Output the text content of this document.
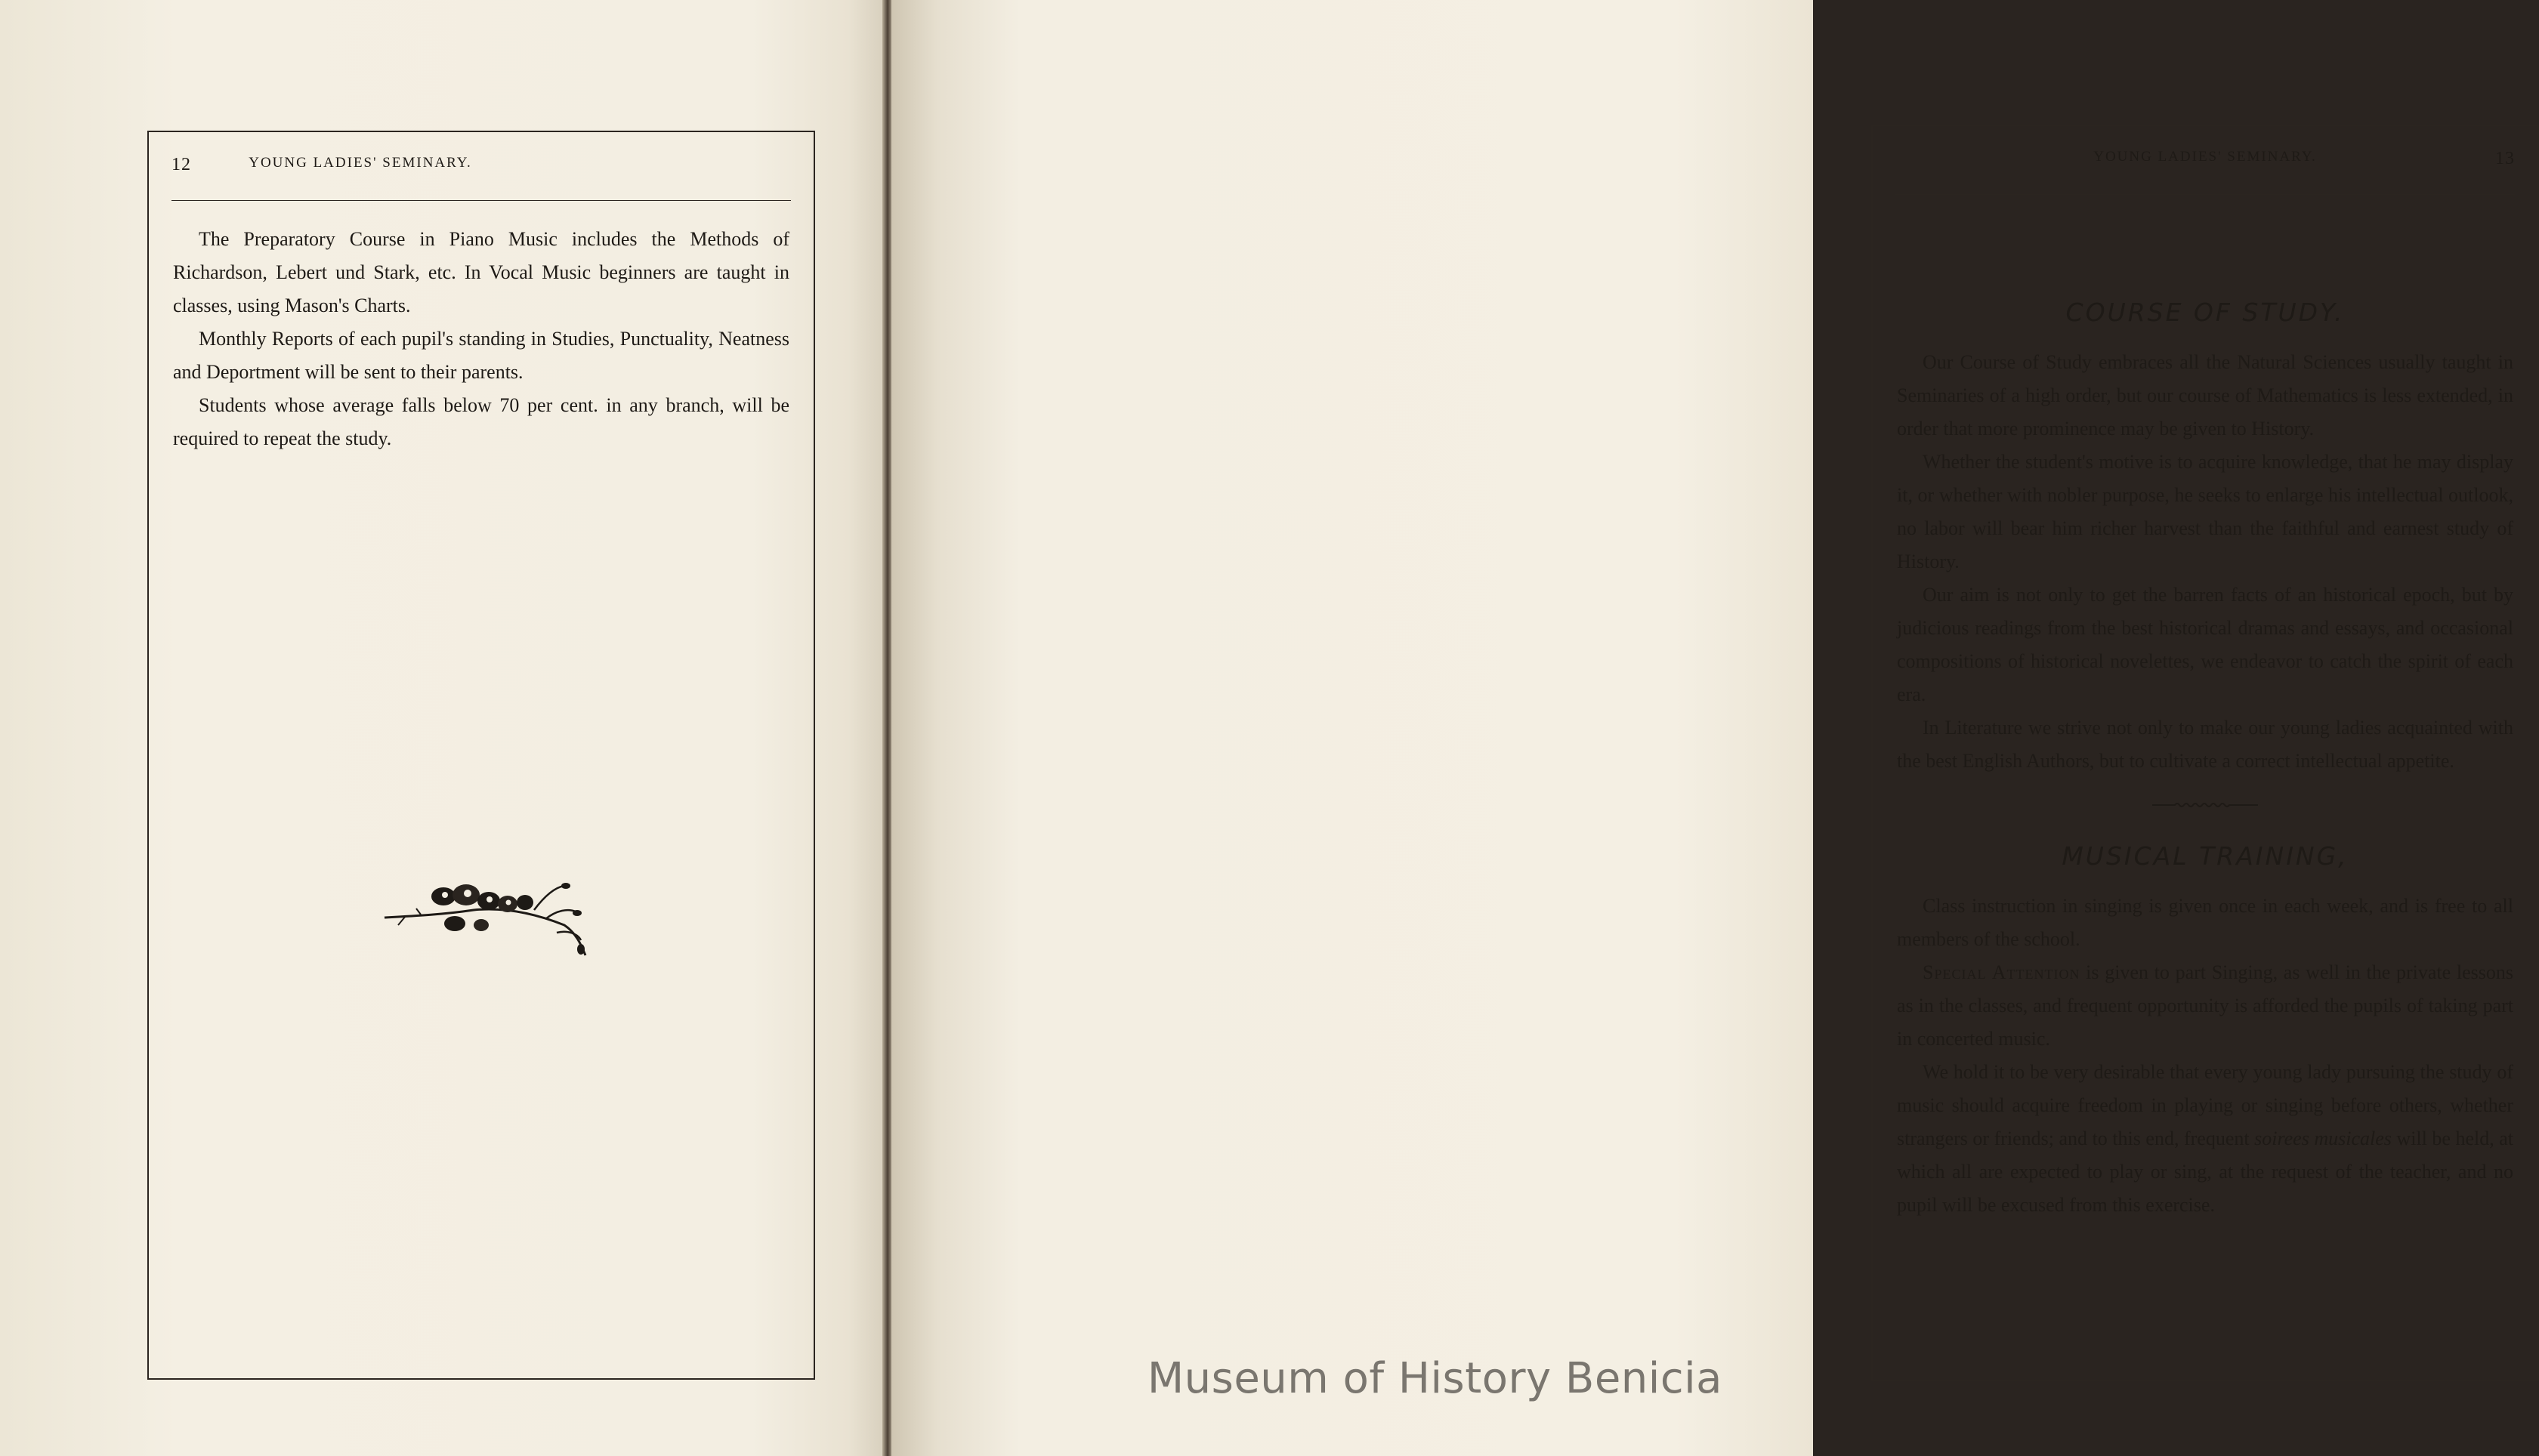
12	YOUNG LADIES' SEMINARY.

The Preparatory Course in Piano Music includes the Methods of Richardson, Lebert und Stark, etc. In Vocal Music beginners are taught in classes, using Mason's Charts.

Monthly Reports of each pupil's standing in Studies, Punctuality, Neatness and Deportment will be sent to their parents.

Students whose average falls below 70 per cent. in any branch, will be required to repeat the study.

YOUNG LADIES' SEMINARY.	13
COURSE OF STUDY.

Our Course of Study embraces all the Natural Sciences usually taught in Seminaries of a high order, but our course of Mathematics is less extended, in order that more prominence may be given to History.

Whether the student's motive is to acquire knowledge, that he may display it, or whether with nobler purpose, he seeks to enlarge his intellectual outlook, no labor will bear him richer harvest than the faithful and earnest study of History.

Our aim is not only to get the barren facts of an historical epoch, but by judicious readings from the best historical dramas and essays, and occasional compositions of historical novelettes, we endeavor to catch the spirit of each era.

In Literature we strive not only to make our young ladies acquainted with the best English Authors, but to cultivate a correct intellectual appetite.

MUSICAL TRAINING,

Class instruction in singing is given once in each week, and is free to all members of the school.

Special Attention is given to part Singing, as well in the private lessons as in the classes, and frequent opportunity is afforded the pupils of taking part in concerted music.

We hold it to be very desirable that every young lady pursuing the study of music should acquire freedom in playing or singing before others, whether strangers or friends; and to this end, frequent soirees musicales will be held, at which all are expected to play or sing, at the request of the teacher, and no pupil will be excused from this exercise.

Museum of History Benicia
